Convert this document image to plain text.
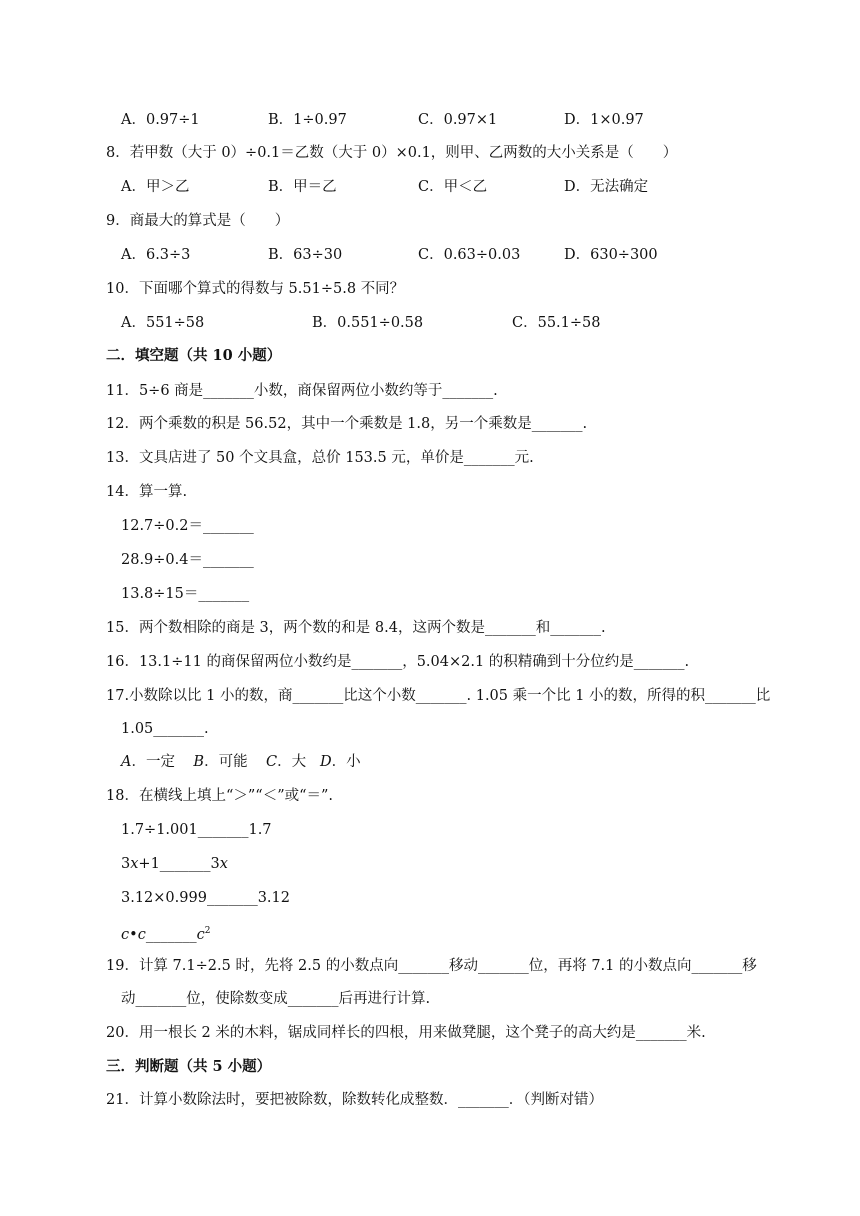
A．0.97÷1	B．1÷0.97	C．0.97×1	D．1×0.97
8．若甲数（大于 0）÷0.1＝乙数（大于 0）×0.1，则甲、乙两数的大小关系是（　　）
A．甲＞乙	B．甲＝乙	C．甲＜乙	D．无法确定
9．商最大的算式是（　　）
A．6.3÷3	B．63÷30	C．0.63÷0.03	D．630÷300
10．下面哪个算式的得数与 5.51÷5.8 不同？
A．551÷58	B．0.551÷0.58	C．55.1÷58
二．填空题（共 10 小题）
11．5÷6 商是_______小数，商保留两位小数约等于_______.
12．两个乘数的积是 56.52，其中一个乘数是 1.8，另一个乘数是_______.
13．文具店进了 50 个文具盒，总价 153.5 元，单价是_______元.
14．算一算.
12.7÷0.2＝_______
28.9÷0.4＝_______
13.8÷15＝_______
15．两个数相除的商是 3，两个数的和是 8.4，这两个数是_______和_______.
16．13.1÷11 的商保留两位小数约是_______，5.04×2.1 的积精确到十分位约是_______.
17.小数除以比 1 小的数，商_______比这个小数_______. 1.05 乘一个比 1 小的数，所得的积_______比
1.05_______.
A．一定 B．可能 C．大 D．小
18．在横线上填上“＞”“＜”或“＝”.
1.7÷1.001_______1.7
3x+1_______3x
3.12×0.999_______3.12
$c•c\_\_\_\_\_\_\_c^2$
19．计算 7.1÷2.5 时，先将 2.5 的小数点向_______移动_______位，再将 7.1 的小数点向_______移
动_______位，使除数变成_______后再进行计算.
20．用一根长 2 米的木料，锯成同样长的四根，用来做凳腿，这个凳子的高大约是_______米.
三．判断题（共 5 小题）
21．计算小数除法时，要把被除数，除数转化成整数．_______．（判断对错）
